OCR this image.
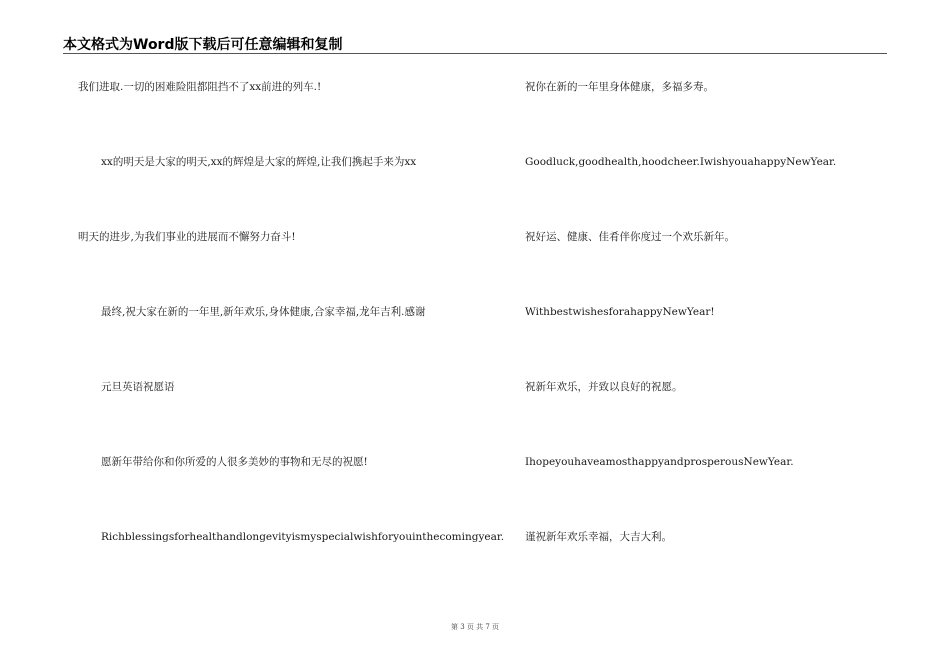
本文格式为Word版下载后可任意编辑和复制
我们进取.一切的困难险阻都阻挡不了xx前进的列车.!
xx的明天是大家的明天,xx的辉煌是大家的辉煌,让我们携起手来为xx
明天的进步,为我们事业的进展而不懈努力奋斗!
最终,祝大家在新的一年里,新年欢乐,身体健康,合家幸福,龙年吉利.感谢
元旦英语祝愿语
愿新年带给你和你所爱的人很多美妙的事物和无尽的祝愿!
Richblessingsforhealthandlongevityismyspecialwishforyouinthecomingyear.
祝你在新的一年里身体健康，多福多寿。
Goodluck,goodhealth,hoodcheer.IwishyouahappyNewYear.
祝好运、健康、佳肴伴你度过一个欢乐新年。
WithbestwishesforahappyNewYear!
祝新年欢乐，并致以良好的祝愿。
IhopeyouhaveamosthappyandprosperousNewYear.
谨祝新年欢乐幸福，大吉大利。
第 3 页 共 7 页
